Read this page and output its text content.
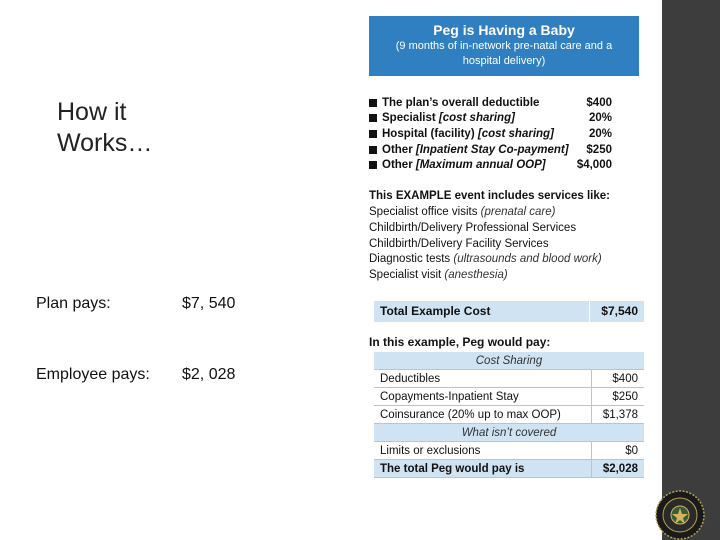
How it
Works…
Plan pays:	$7, 540
Employee pays: $2, 028
Peg is Having a Baby
(9 months of in-network pre-natal care and a
hospital delivery)
The plan’s overall deductible	$400
Specialist [cost sharing]	20%
Hospital (facility) [cost sharing]	20%
Other [Inpatient Stay Co-payment]	$250
Other [Maximum annual OOP]	$4,000
This EXAMPLE event includes services like:
Specialist office visits (prenatal care)
Childbirth/Delivery Professional Services
Childbirth/Delivery Facility Services
Diagnostic tests (ultrasounds and blood work)
Specialist visit (anesthesia)
Total Example Cost	$7,540
In this example, Peg would pay:
Cost Sharing	
Deductibles	$400
Copayments-Inpatient Stay	$250
Coinsurance (20% up to max OOP)	$1,378
What isn’t covered	
Limits or exclusions	$0
The total Peg would pay is	$2,028
